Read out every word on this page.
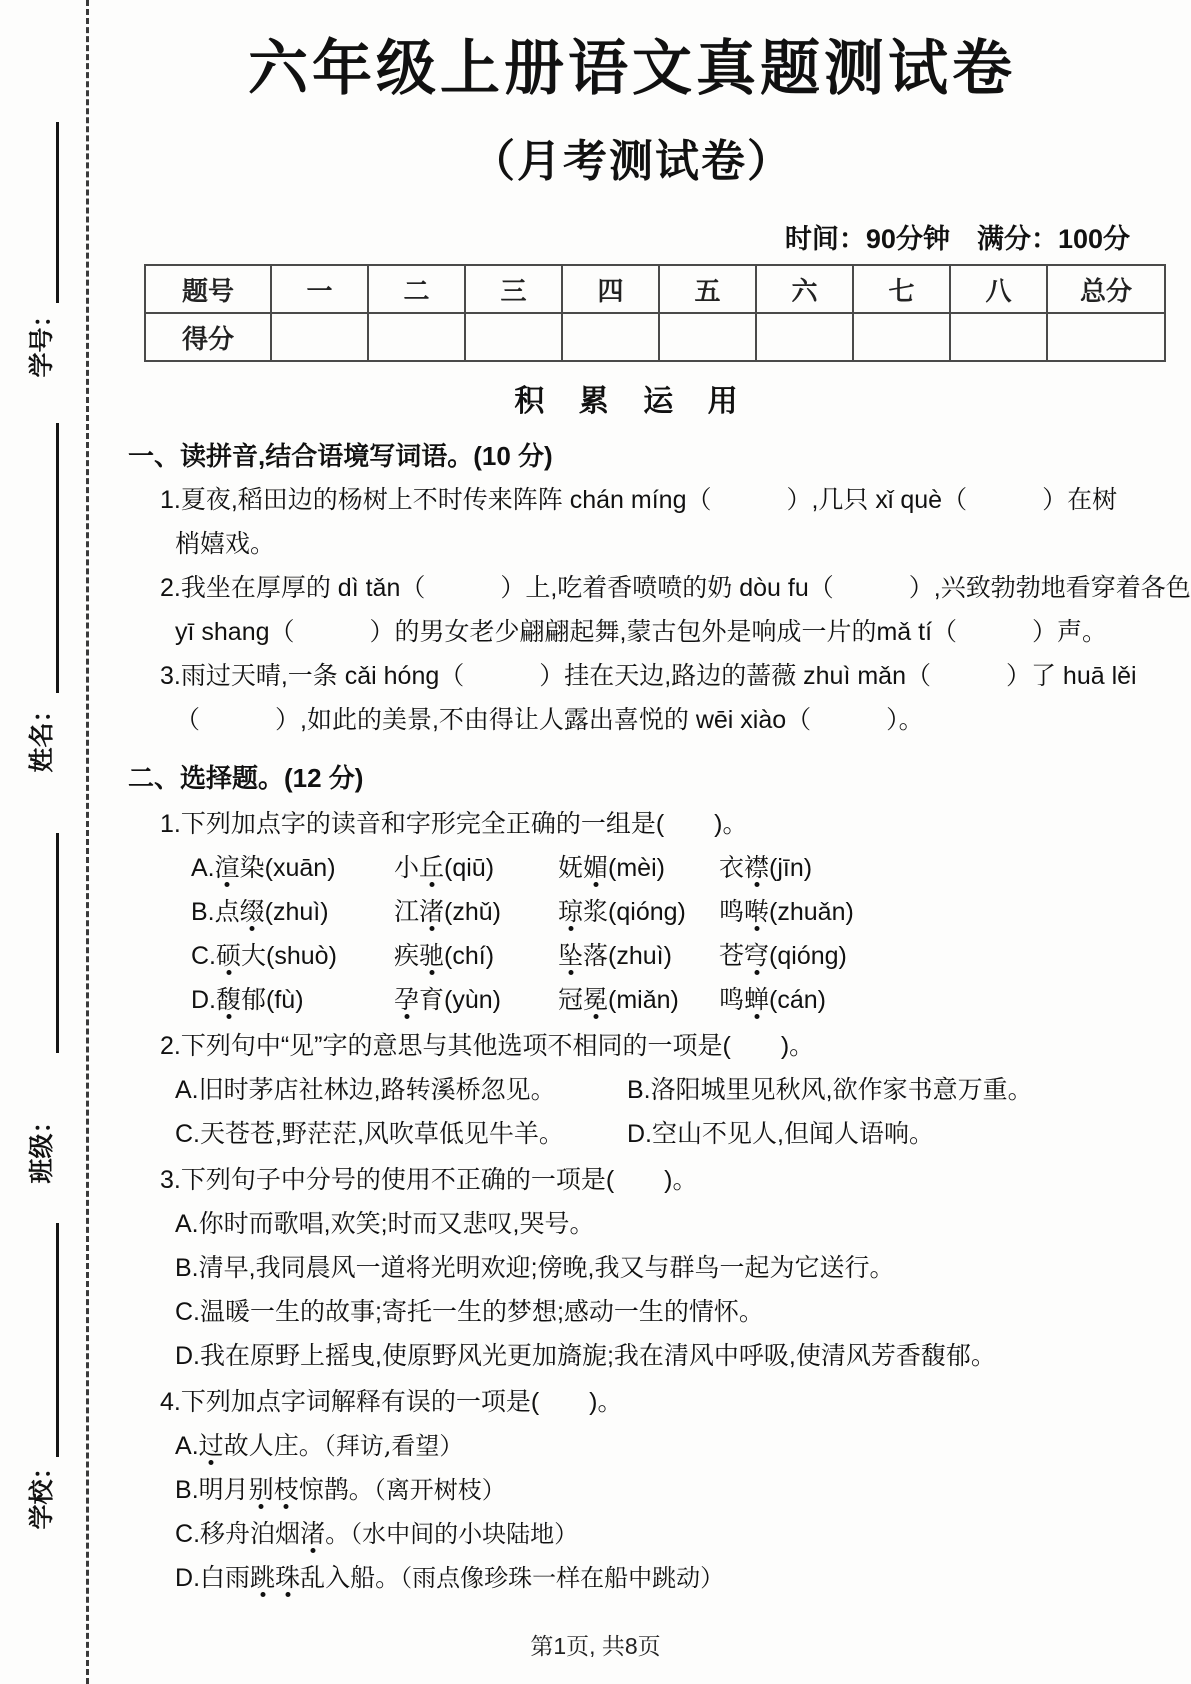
学号：
姓名：
班级：
学校：
六年级上册语文真题测试卷
（月考测试卷）
时间：90分钟　满分：100分
题号	一	二	三	四	五	六	七	八	总分
得分									
积 累 运 用
一、读拼音,结合语境写词语。(10 分)
1.夏夜,稻田边的杨树上不时传来阵阵 chán míng（　　　）,几只 xǐ què（　　　）在树
梢嬉戏。
2.我坐在厚厚的 dì tǎn（　　　）上,吃着香喷喷的奶 dòu fu（　　　）,兴致勃勃地看穿着各色
yī shang（　　　）的男女老少翩翩起舞,蒙古包外是响成一片的mǎ tí（　　　）声。
3.雨过天晴,一条 cǎi hóng（　　　）挂在天边,路边的蔷薇 zhuì mǎn（　　　）了 huā lěi
（　　　）,如此的美景,不由得让人露出喜悦的 wēi xiào（　　　）。
二、选择题。(12 分)
1.下列加点字的读音和字形完全正确的一组是(　　)。
A.渲染(xuān)	小丘(qiū)	妩媚(mèi)	衣襟(jīn)
B.点缀(zhuì)	江渚(zhǔ)	琼浆(qióng)	鸣啭(zhuǎn)
C.硕大(shuò)	疾驰(chí)	坠落(zhuì)	苍穹(qióng)
D.馥郁(fù)	孕育(yùn)	冠冕(miǎn)	鸣蝉(cán)
2.下列句中“见”字的意思与其他选项不相同的一项是(　　)。
A.旧时茅店社林边,路转溪桥忽见。	B.洛阳城里见秋风,欲作家书意万重。
C.天苍苍,野茫茫,风吹草低见牛羊。	D.空山不见人,但闻人语响。
3.下列句子中分号的使用不正确的一项是(　　)。
A.你时而歌唱,欢笑;时而又悲叹,哭号。
B.清早,我同晨风一道将光明欢迎;傍晚,我又与群鸟一起为它送行。
C.温暖一生的故事;寄托一生的梦想;感动一生的情怀。
D.我在原野上摇曳,使原野风光更加旖旎;我在清风中呼吸,使清风芳香馥郁。
4.下列加点字词解释有误的一项是(　　)。
A.过故人庄。（拜访,看望）
B.明月别枝惊鹊。（离开树枝）
C.移舟泊烟渚。（水中间的小块陆地）
D.白雨跳珠乱入船。（雨点像珍珠一样在船中跳动）
第1页, 共8页
